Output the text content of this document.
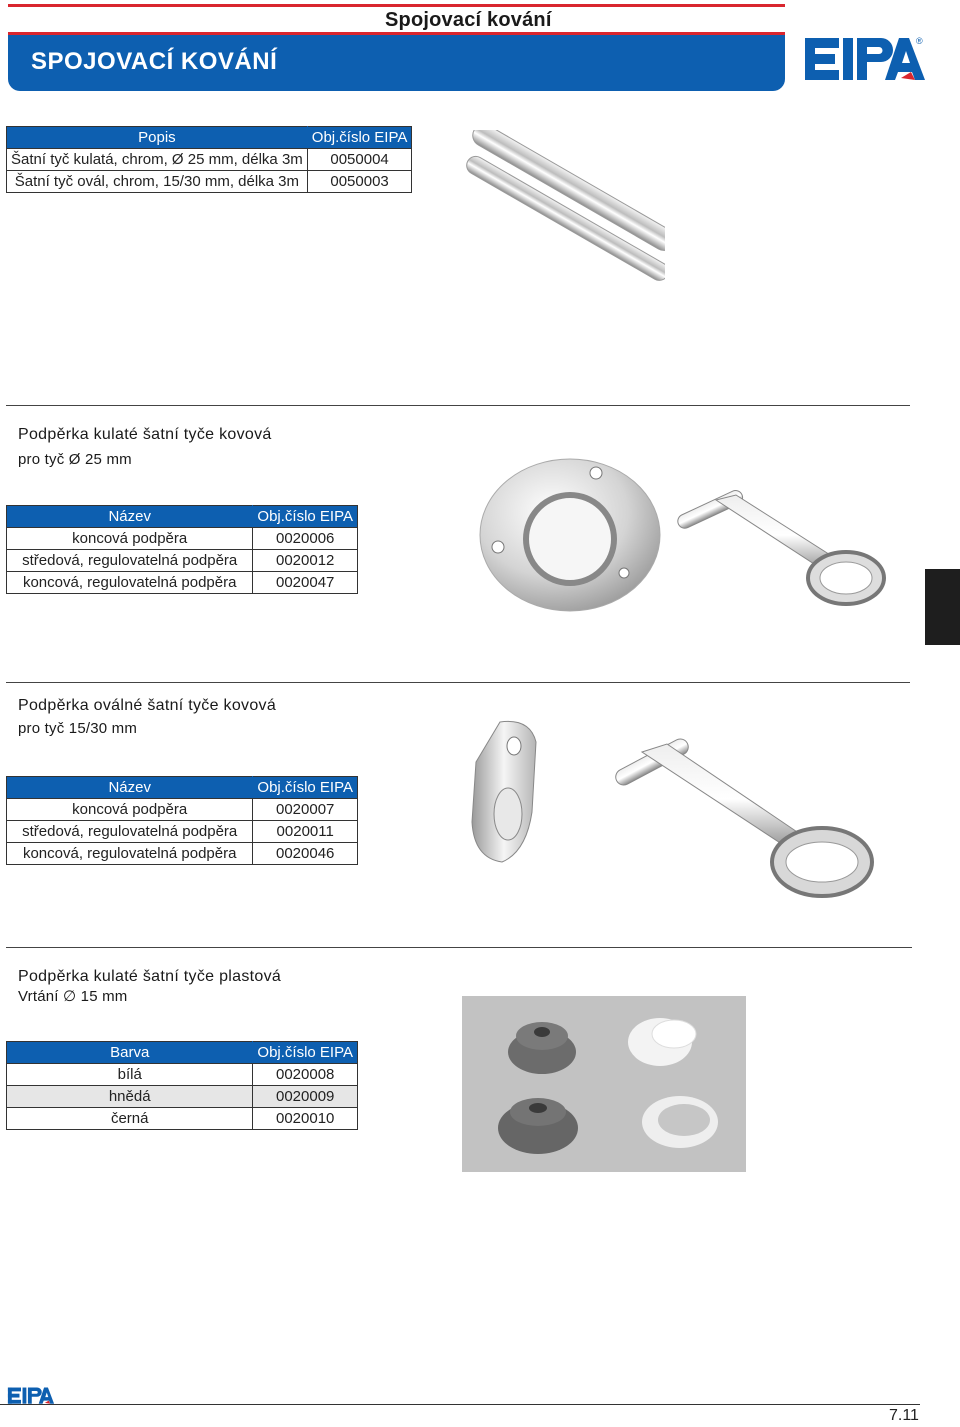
Spojovací kování
SPOJOVACÍ KOVÁNÍ
®
Popis	Obj.číslo EIPA
Šatní tyč kulatá, chrom, Ø 25 mm, délka 3m	0050004
Šatní tyč ovál, chrom, 15/30 mm, délka 3m	0050003
Podpěrka kulaté šatní tyče kovová
pro tyč Ø 25 mm
Název	Obj.číslo EIPA
koncová podpěra	0020006
středová, regulovatelná podpěra	0020012
koncová, regulovatelná podpěra	0020047
Podpěrka oválné šatní tyče kovová
pro tyč 15/30 mm
Název	Obj.číslo EIPA
koncová podpěra	0020007
středová, regulovatelná podpěra	0020011
koncová, regulovatelná podpěra	0020046
Podpěrka kulaté šatní tyče plastová
Vrtání ∅ 15 mm
Barva	Obj.číslo EIPA
bílá	0020008
hnědá	0020009
černá	0020010
7.11
